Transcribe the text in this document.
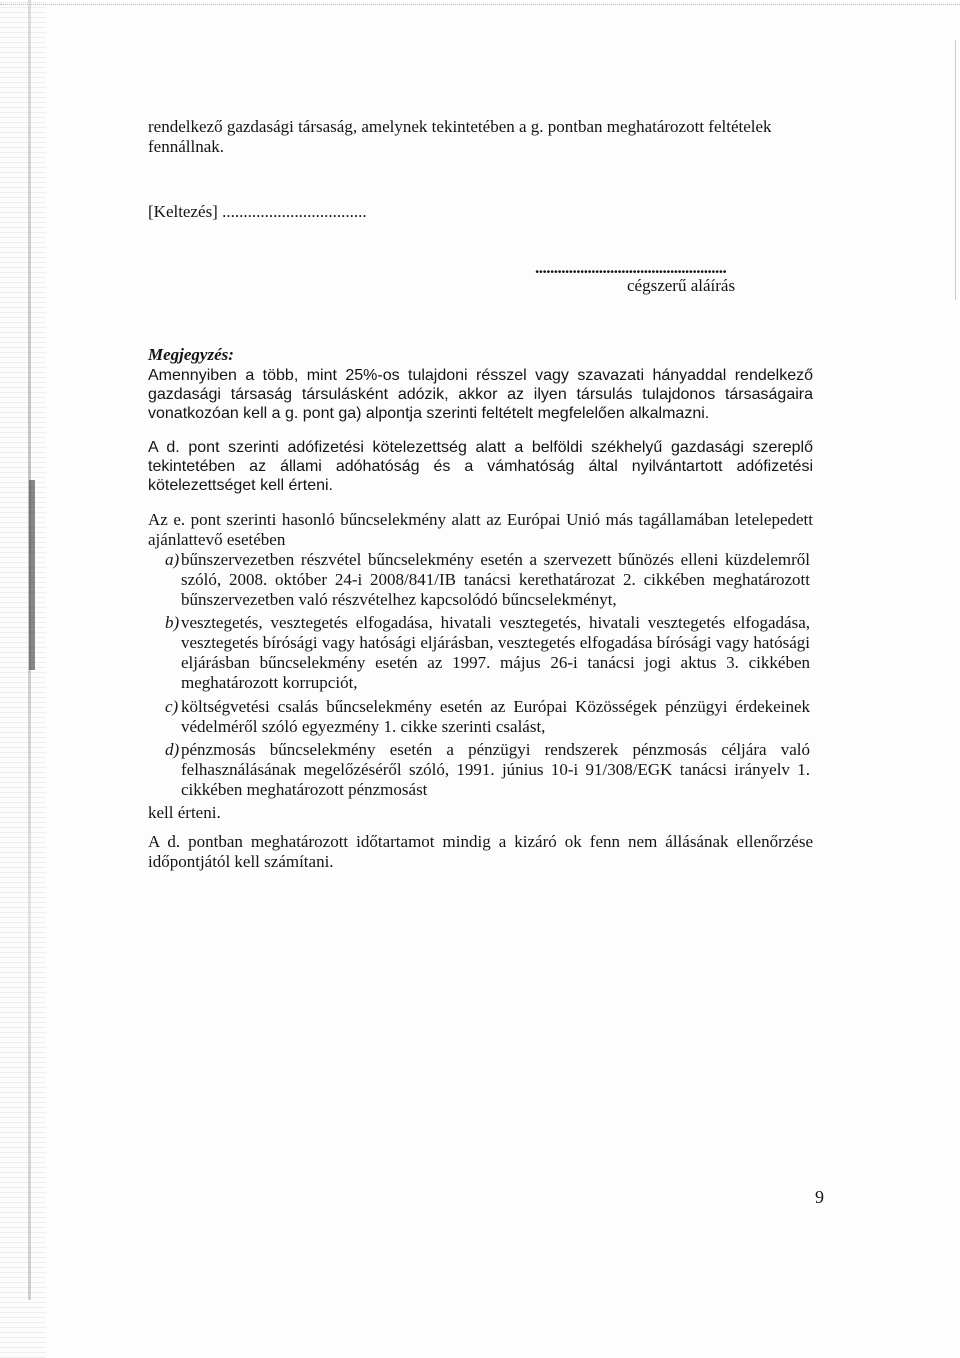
rendelkező gazdasági társaság, amelynek tekintetében a g. pontban meghatározott feltételek

fennállnak.

[Keltezés] ..................................

...................................................

cégszerű aláírás

Megjegyzés:

Amennyiben a több, mint 25%-os tulajdoni résszel vagy szavazati hányaddal rendelkező gazdasági társaság társulásként adózik, akkor az ilyen társulás tulajdonos társaságaira vonatkozóan kell a g. pont ga) alpontja szerinti feltételt megfelelően alkalmazni.

A d. pont szerinti adófizetési kötelezettség alatt a belföldi székhelyű gazdasági szereplő tekintetében az állami adóhatóság és a vámhatóság által nyilvántartott adófizetési kötelezettséget kell érteni.

Az e. pont szerinti hasonló bűncselekmény alatt az Európai Unió más tagállamában letelepedett ajánlattevő esetében

a) bűnszervezetben részvétel bűncselekmény esetén a szervezett bűnözés elleni küzdelemről szóló, 2008. október 24-i 2008/841/IB tanácsi kerethatározat 2. cikkében meghatározott bűnszervezetben való részvételhez kapcsolódó bűncselekményt,

b) vesztegetés, vesztegetés elfogadása, hivatali vesztegetés, hivatali vesztegetés elfogadása, vesztegetés bírósági vagy hatósági eljárásban, vesztegetés elfogadása bírósági vagy hatósági eljárásban bűncselekmény esetén az 1997. május 26-i tanácsi jogi aktus 3. cikkében meghatározott korrupciót,

c) költségvetési csalás bűncselekmény esetén az Európai Közösségek pénzügyi érdekeinek védelméről szóló egyezmény 1. cikke szerinti csalást,

d) pénzmosás bűncselekmény esetén a pénzügyi rendszerek pénzmosás céljára való felhasználásának megelőzéséről szóló, 1991. június 10-i 91/308/EGK tanácsi irányelv 1. cikkében meghatározott pénzmosást

kell érteni.

A d. pontban meghatározott időtartamot mindig a kizáró ok fenn nem állásának ellenőrzése időpontjától kell számítani.

9
